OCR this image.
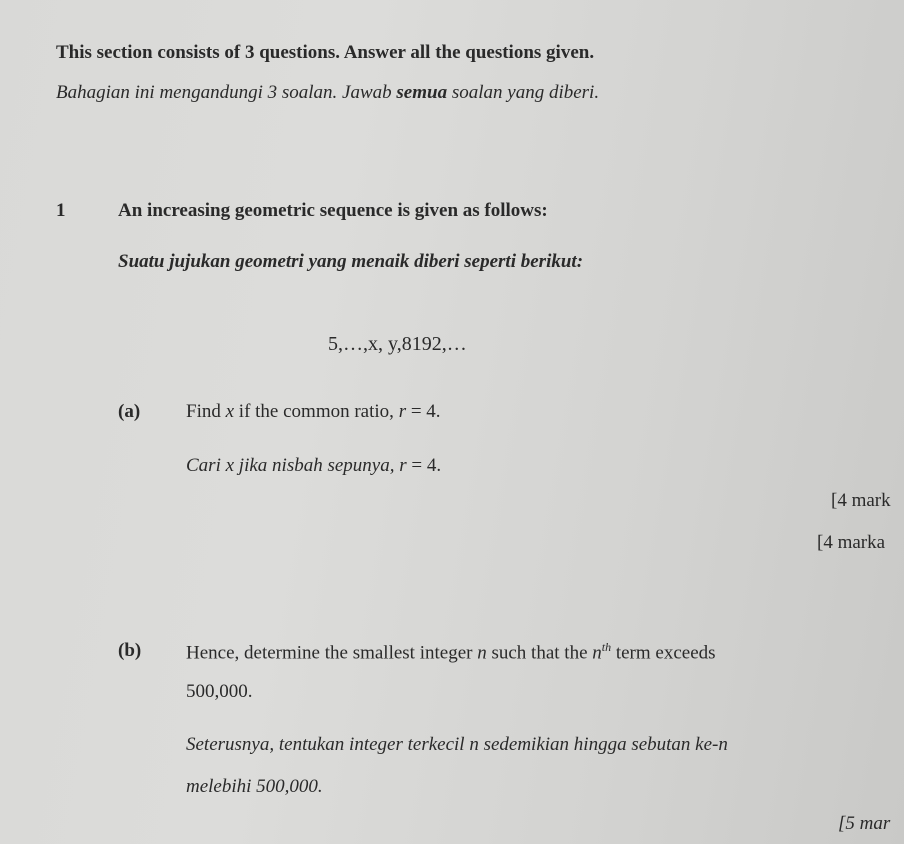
This section consists of 3 questions. Answer all the questions given.
Bahagian ini mengandungi 3 soalan. Jawab semua soalan yang diberi.
1	An increasing geometric sequence is given as follows:
Suatu jujukan geometri yang menaik diberi seperti berikut:
5,…,x, y,8192,…
(a) Find x if the common ratio, r = 4.
Cari x jika nisbah sepunya, r = 4.
[4 mark
[4 marka
(b) Hence, determine the smallest integer n such that the $n^{th}$ term exceeds
500,000.
Seterusnya, tentukan integer terkecil n sedemikian hingga sebutan ke-n
melebihi 500,000.
[5 mar
